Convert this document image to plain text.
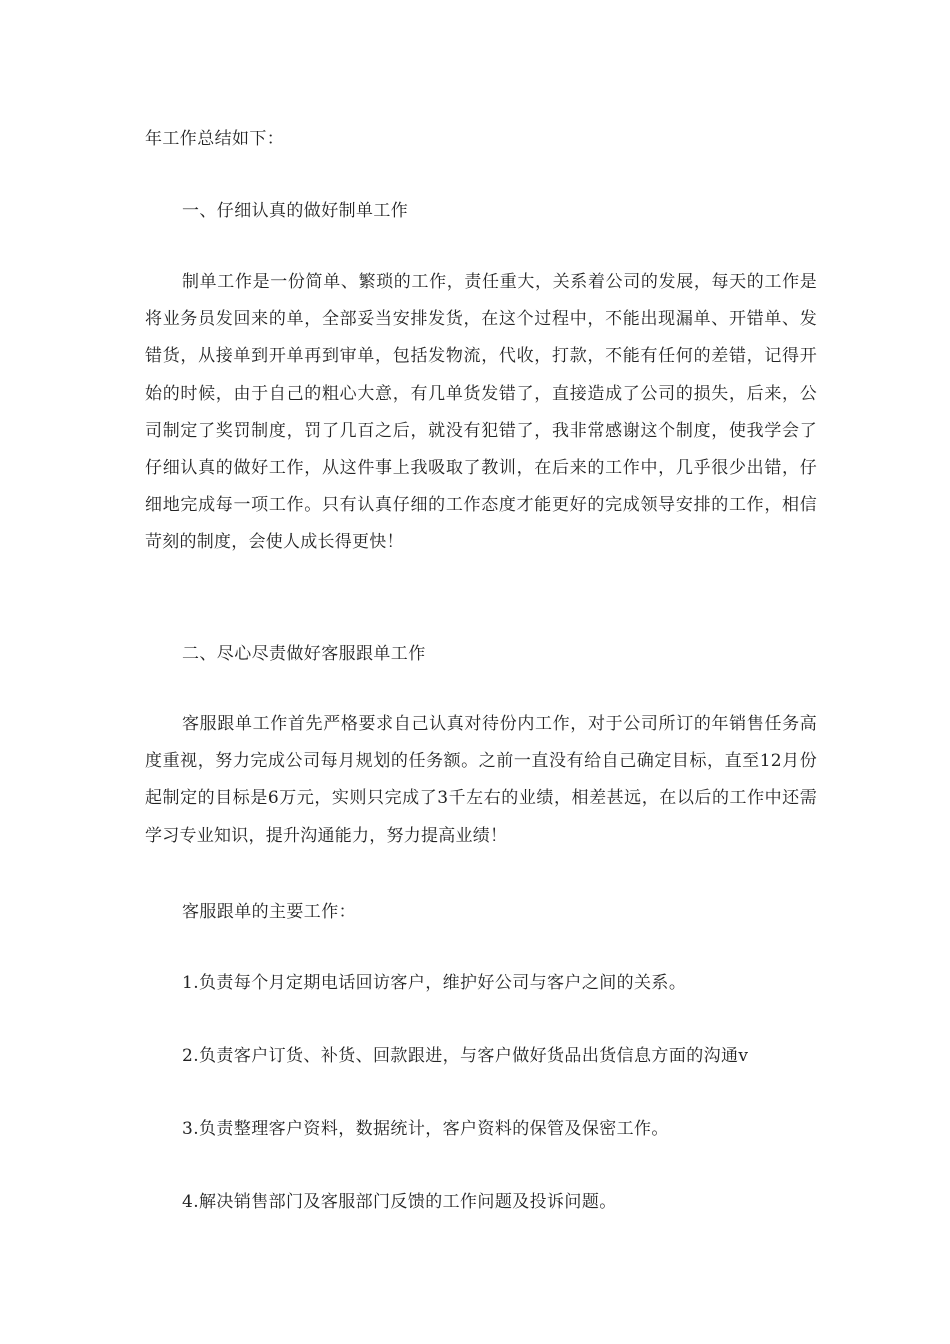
年工作总结如下：
一、仔细认真的做好制单工作
制单工作是一份简单、繁琐的工作，责任重大，关系着公司的发展，每天的工作是将业务员发回来的单，全部妥当安排发货，在这个过程中，不能出现漏单、开错单、发错货，从接单到开单再到审单，包括发物流，代收，打款，不能有任何的差错，记得开始的时候，由于自己的粗心大意，有几单货发错了，直接造成了公司的损失，后来，公司制定了奖罚制度，罚了几百之后，就没有犯错了，我非常感谢这个制度，使我学会了仔细认真的做好工作，从这件事上我吸取了教训，在后来的工作中，几乎很少出错，仔细地完成每一项工作。只有认真仔细的工作态度才能更好的完成领导安排的工作，相信苛刻的制度，会使人成长得更快！
二、尽心尽责做好客服跟单工作
客服跟单工作首先严格要求自己认真对待份内工作，对于公司所订的年销售任务高度重视，努力完成公司每月规划的任务额。之前一直没有给自己确定目标，直至12月份起制定的目标是6万元，实则只完成了3千左右的业绩，相差甚远，在以后的工作中还需学习专业知识，提升沟通能力，努力提高业绩！
客服跟单的主要工作：
1.负责每个月定期电话回访客户，维护好公司与客户之间的关系。
2.负责客户订货、补货、回款跟进，与客户做好货品出货信息方面的沟通v
3.负责整理客户资料，数据统计，客户资料的保管及保密工作。
4.解决销售部门及客服部门反馈的工作问题及投诉问题。
